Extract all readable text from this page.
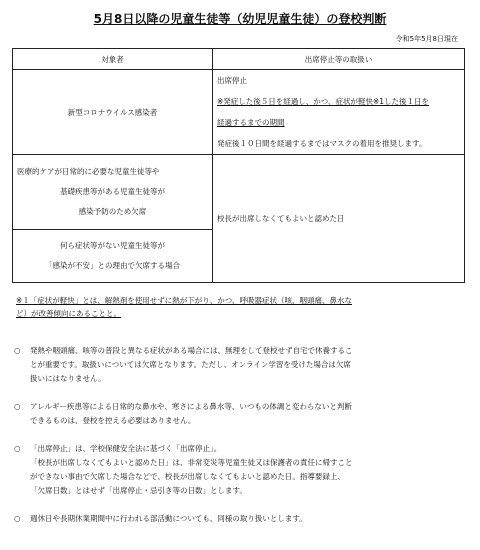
5月8日以降の児童生徒等（幼児児童生徒）の登校判断
令和5年5月8日現在
対象者	出席停止等の取扱い
新型コロナウイルス感染者	出席停止
※発症した後５日を経過し、かつ、症状が軽快※1した後１日を
経過するまでの期間
発症後１０日間を経過するまではマスクの着用を推奨します。

医療的ケアが日常的に必要な児童生徒等や
基礎疾患等がある児童生徒等が
感染予防のため欠席	校長が出席しなくてもよいと認めた日

何ら症状等がない児童生徒等が
「感染が不安」との理由で欠席する場合	
※１「症状が軽快」とは、解熱剤を使用せずに熱が下がり、かつ、呼吸器症状（咳、咽頭痛、鼻水な
ど）が改善傾向にあることと。
○	発熱や咽頭痛、咳等の普段と異なる症状がある場合には、無理をして登校せず自宅で休養するこ
とが重要です。取扱いについては欠席となります。ただし、オンライン学習を受けた場合は欠席
扱いにはなりません。
○	アレルギー疾患等による日常的な鼻水や、寒さによる鼻水等、いつもの体調と変わらないと判断
できるものは、登校を控える必要はありません。
○	「出席停止」は、学校保健安全法に基づく「出席停止」。
「校長が出席しなくてもよいと認めた日」は、非常変災等児童生徒又は保護者の責任に帰すこと
ができない事由で欠席した場合などで、校長が出席しなくてもよいと認めた日。指導要録上、
「欠席日数」とはせず「出席停止・忌引き等の日数」とします。
○	週休日や長期休業期間中に行われる部活動についても、同様の取り扱いとします。
